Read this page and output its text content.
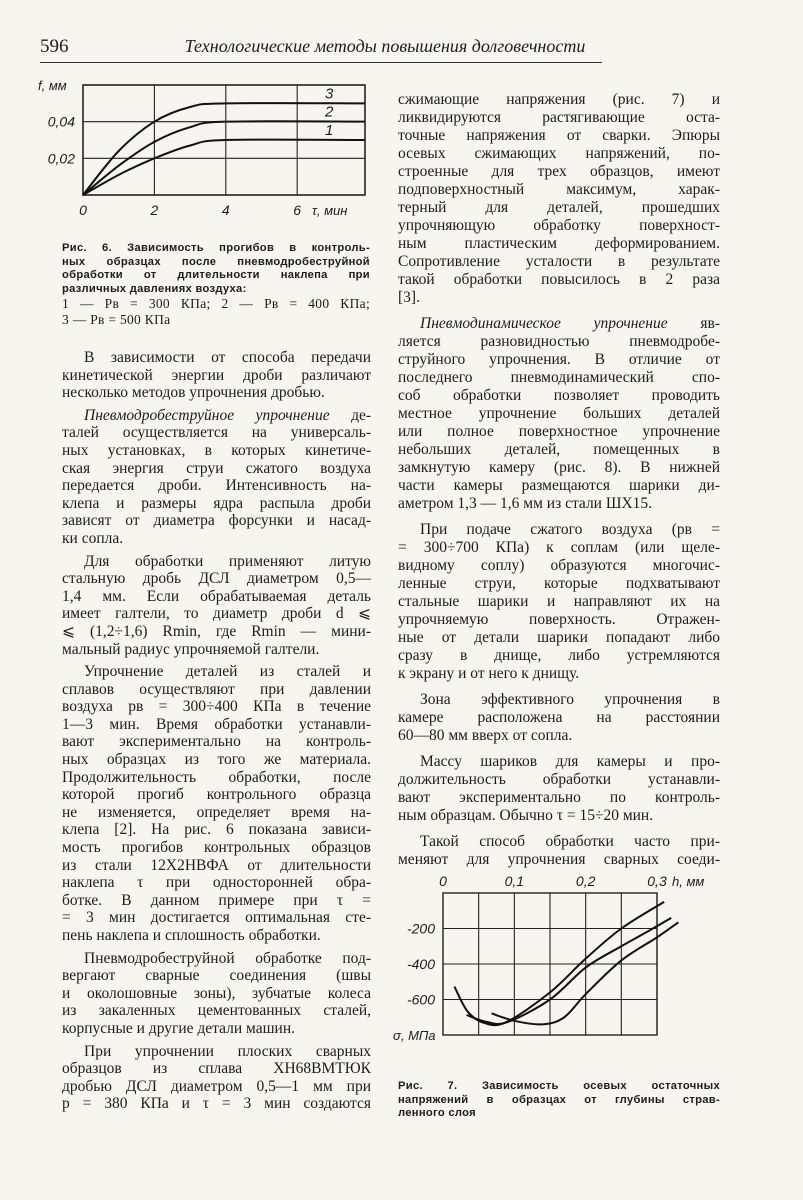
596	Технологические методы повышения долговечности
1
2
3
0	2	4	6
0,02
0,04
τ, мин
f, мм
Рис. 6. Зависимость прогибов в контроль-
ных образцах после пневмодробеструйной
обработки от длительности наклепа при
различных давлениях воздуха:
1 — Pв = 300 КПа; 2 — Pв = 400 КПа;
3 — Pв = 500 КПа
В зависимости от способа передачи
кинетической энергии дроби различают
несколько методов упрочнения дробью.
Пневмодробеструйное упрочнение де-
талей осуществляется на универсаль-
ных установках, в которых кинетиче-
ская энергия струи сжатого воздуха
передается дроби. Интенсивность на-
клепа и размеры ядра распыла дроби
зависят от диаметра форсунки и насад-
ки сопла.
Для обработки применяют литую
стальную дробь ДСЛ диаметром 0,5—
1,4 мм. Если обрабатываемая деталь
имеет галтели, то диаметр дроби d ⩽
⩽ (1,2÷1,6) Rmin, где Rmin — мини-
мальный радиус упрочняемой галтели.
Упрочнение деталей из сталей и
сплавов осуществляют при давлении
воздуха pв = 300÷400 КПа в течение
1—3 мин. Время обработки устанавли-
вают экспериментально на контроль-
ных образцах из того же материала.
Продолжительность обработки, после
которой прогиб контрольного образца
не изменяется, определяет время на-
клепа [2]. На рис. 6 показана зависи-
мость прогибов контрольных образцов
из стали 12Х2НВФА от длительности
наклепа τ при односторонней обра-
ботке. В данном примере при τ =
= 3 мин достигается оптимальная сте-
пень наклепа и сплошность обработки.
Пневмодробеструйной обработке под-
вергают сварные соединения (швы
и околошовные зоны), зубчатые колеса
из закаленных цементованных сталей,
корпусные и другие детали машин.
При упрочнении плоских сварных
образцов из сплава ХН68ВМТЮК
дробью ДСЛ диаметром 0,5—1 мм при
p = 380 КПа и τ = 3 мин создаются
сжимающие напряжения (рис. 7) и
ликвидируются растягивающие оста-
точные напряжения от сварки. Эпюры
осевых сжимающих напряжений, по-
строенные для трех образцов, имеют
подповерхностный максимум, харак-
терный для деталей, прошедших
упрочняющую обработку поверхност-
ным пластическим деформированием.
Сопротивление усталости в результате
такой обработки повысилось в 2 раза
[3].
Пневмодинамическое упрочнение яв-
ляется разновидностью пневмодробе-
струйного упрочнения. В отличие от
последнего пневмодинамический спо-
соб обработки позволяет проводить
местное упрочнение больших деталей
или полное поверхностное упрочнение
небольших деталей, помещенных в
замкнутую камеру (рис. 8). В нижней
части камеры размещаются шарики ди-
аметром 1,3 — 1,6 мм из стали ШХ15.
При подаче сжатого воздуха (pв =
= 300÷700 КПа) к соплам (или щеле-
видному соплу) образуются многочис-
ленные струи, которые подхватывают
стальные шарики и направляют их на
упрочняемую поверхность. Отражен-
ные от детали шарики попадают либо
сразу в днище, либо устремляются
к экрану и от него к днищу.
Зона эффективного упрочнения в
камере расположена на расстоянии
60—80 мм вверх от сопла.
Массу шариков для камеры и про-
должительность обработки устанавли-
вают экспериментально по контроль-
ным образцам. Обычно τ = 15÷20 мин.
Такой способ обработки часто при-
меняют для упрочнения сварных соеди-
0	0,1	0,2	0,3
-200
-400
-600
h, мм
σ, МПа
Рис. 7. Зависимость осевых остаточных
напряжений в образцах от глубины страв-
ленного слоя
